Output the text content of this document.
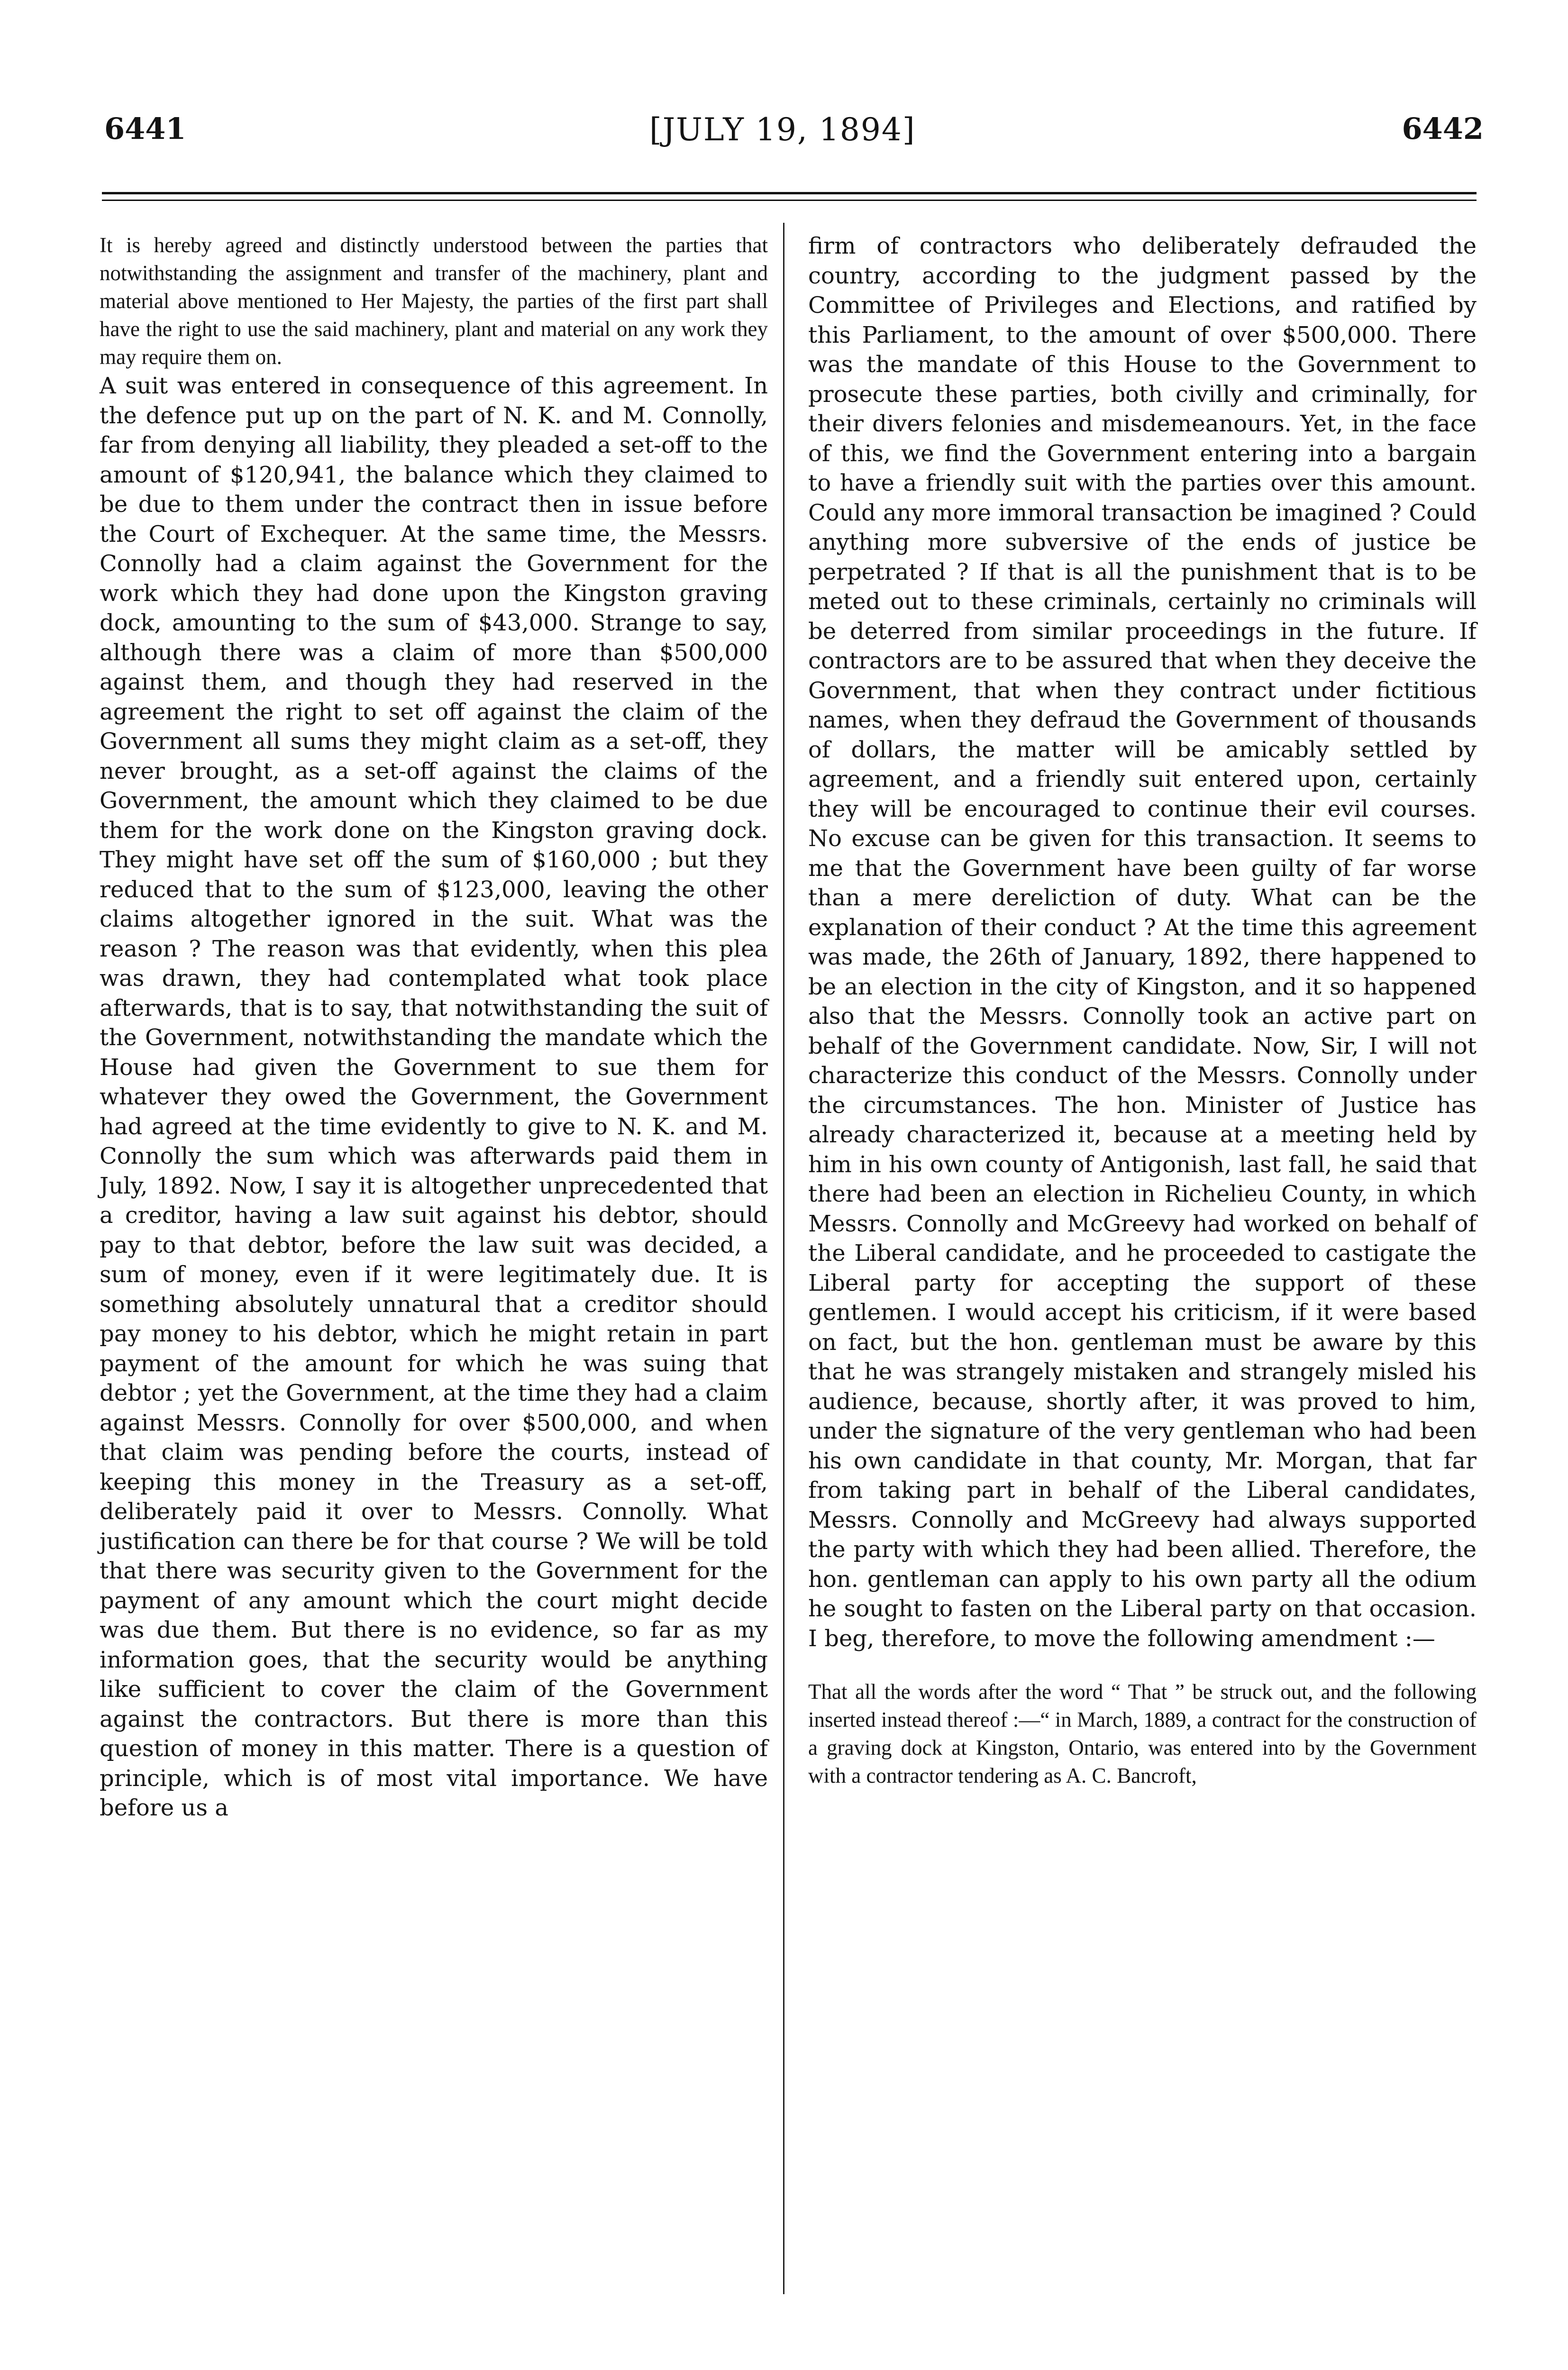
6441	[JULY 19, 1894]	6442

It is hereby agreed and distinctly understood between the parties that notwithstanding the assignment and transfer of the machinery, plant and material above mentioned to Her Majesty, the parties of the first part shall have the right to use the said machinery, plant and material on any work they may require them on.

A suit was entered in consequence of this agreement. In the defence put up on the part of N. K. and M. Connolly, far from denying all liability, they pleaded a set-off to the amount of $120,941, the balance which they claimed to be due to them under the contract then in issue before the Court of Exchequer. At the same time, the Messrs. Connolly had a claim against the Government for the work which they had done upon the Kingston graving dock, amounting to the sum of $43,000. Strange to say, although there was a claim of more than $500,000 against them, and though they had reserved in the agreement the right to set off against the claim of the Government all sums they might claim as a set-off, they never brought, as a set-off against the claims of the Government, the amount which they claimed to be due them for the work done on the Kingston graving dock. They might have set off the sum of $160,000 ; but they reduced that to the sum of $123,000, leaving the other claims altogether ignored in the suit. What was the reason ? The reason was that evidently, when this plea was drawn, they had contemplated what took place afterwards, that is to say, that notwithstanding the suit of the Government, notwithstanding the mandate which the House had given the Government to sue them for whatever they owed the Government, the Government had agreed at the time evidently to give to N. K. and M. Connolly the sum which was afterwards paid them in July, 1892. Now, I say it is altogether unprecedented that a creditor, having a law suit against his debtor, should pay to that debtor, before the law suit was decided, a sum of money, even if it were legitimately due. It is something absolutely unnatural that a creditor should pay money to his debtor, which he might retain in part payment of the amount for which he was suing that debtor ; yet the Government, at the time they had a claim against Messrs. Connolly for over $500,000, and when that claim was pending before the courts, instead of keeping this money in the Treasury as a set-off, deliberately paid it over to Messrs. Connolly. What justification can there be for that course ? We will be told that there was security given to the Government for the payment of any amount which the court might decide was due them. But there is no evidence, so far as my information goes, that the security would be anything like sufficient to cover the claim of the Government against the contractors. But there is more than this question of money in this matter. There is a question of principle, which is of most vital importance. We have before us a

firm of contractors who deliberately defrauded the country, according to the judgment passed by the Committee of Privileges and Elections, and ratified by this Parliament, to the amount of over $500,000. There was the mandate of this House to the Government to prosecute these parties, both civilly and criminally, for their divers felonies and misdemeanours. Yet, in the face of this, we find the Government entering into a bargain to have a friendly suit with the parties over this amount. Could any more immoral transaction be imagined ? Could anything more subversive of the ends of justice be perpetrated ? If that is all the punishment that is to be meted out to these criminals, certainly no criminals will be deterred from similar proceedings in the future. If contractors are to be assured that when they deceive the Government, that when they contract under fictitious names, when they defraud the Government of thousands of dollars, the matter will be amicably settled by agreement, and a friendly suit entered upon, certainly they will be encouraged to continue their evil courses. No excuse can be given for this transaction. It seems to me that the Government have been guilty of far worse than a mere dereliction of duty. What can be the explanation of their conduct ? At the time this agreement was made, the 26th of January, 1892, there happened to be an election in the city of Kingston, and it so happened also that the Messrs. Connolly took an active part on behalf of the Government candidate. Now, Sir, I will not characterize this conduct of the Messrs. Connolly under the circumstances. The hon. Minister of Justice has already characterized it, because at a meeting held by him in his own county of Antigonish, last fall, he said that there had been an election in Richelieu County, in which Messrs. Connolly and McGreevy had worked on behalf of the Liberal candidate, and he proceeded to castigate the Liberal party for accepting the support of these gentlemen. I would accept his criticism, if it were based on fact, but the hon. gentleman must be aware by this that he was strangely mistaken and strangely misled his audience, because, shortly after, it was proved to him, under the signature of the very gentleman who had been his own candidate in that county, Mr. Morgan, that far from taking part in behalf of the Liberal candidates, Messrs. Connolly and McGreevy had always supported the party with which they had been allied. Therefore, the hon. gentleman can apply to his own party all the odium he sought to fasten on the Liberal party on that occasion. I beg, therefore, to move the following amendment :—

That all the words after the word “ That ” be struck out, and the following inserted instead thereof :—“ in March, 1889, a contract for the construction of a graving dock at Kingston, Ontario, was entered into by the Government with a contractor tendering as A. C. Bancroft,
